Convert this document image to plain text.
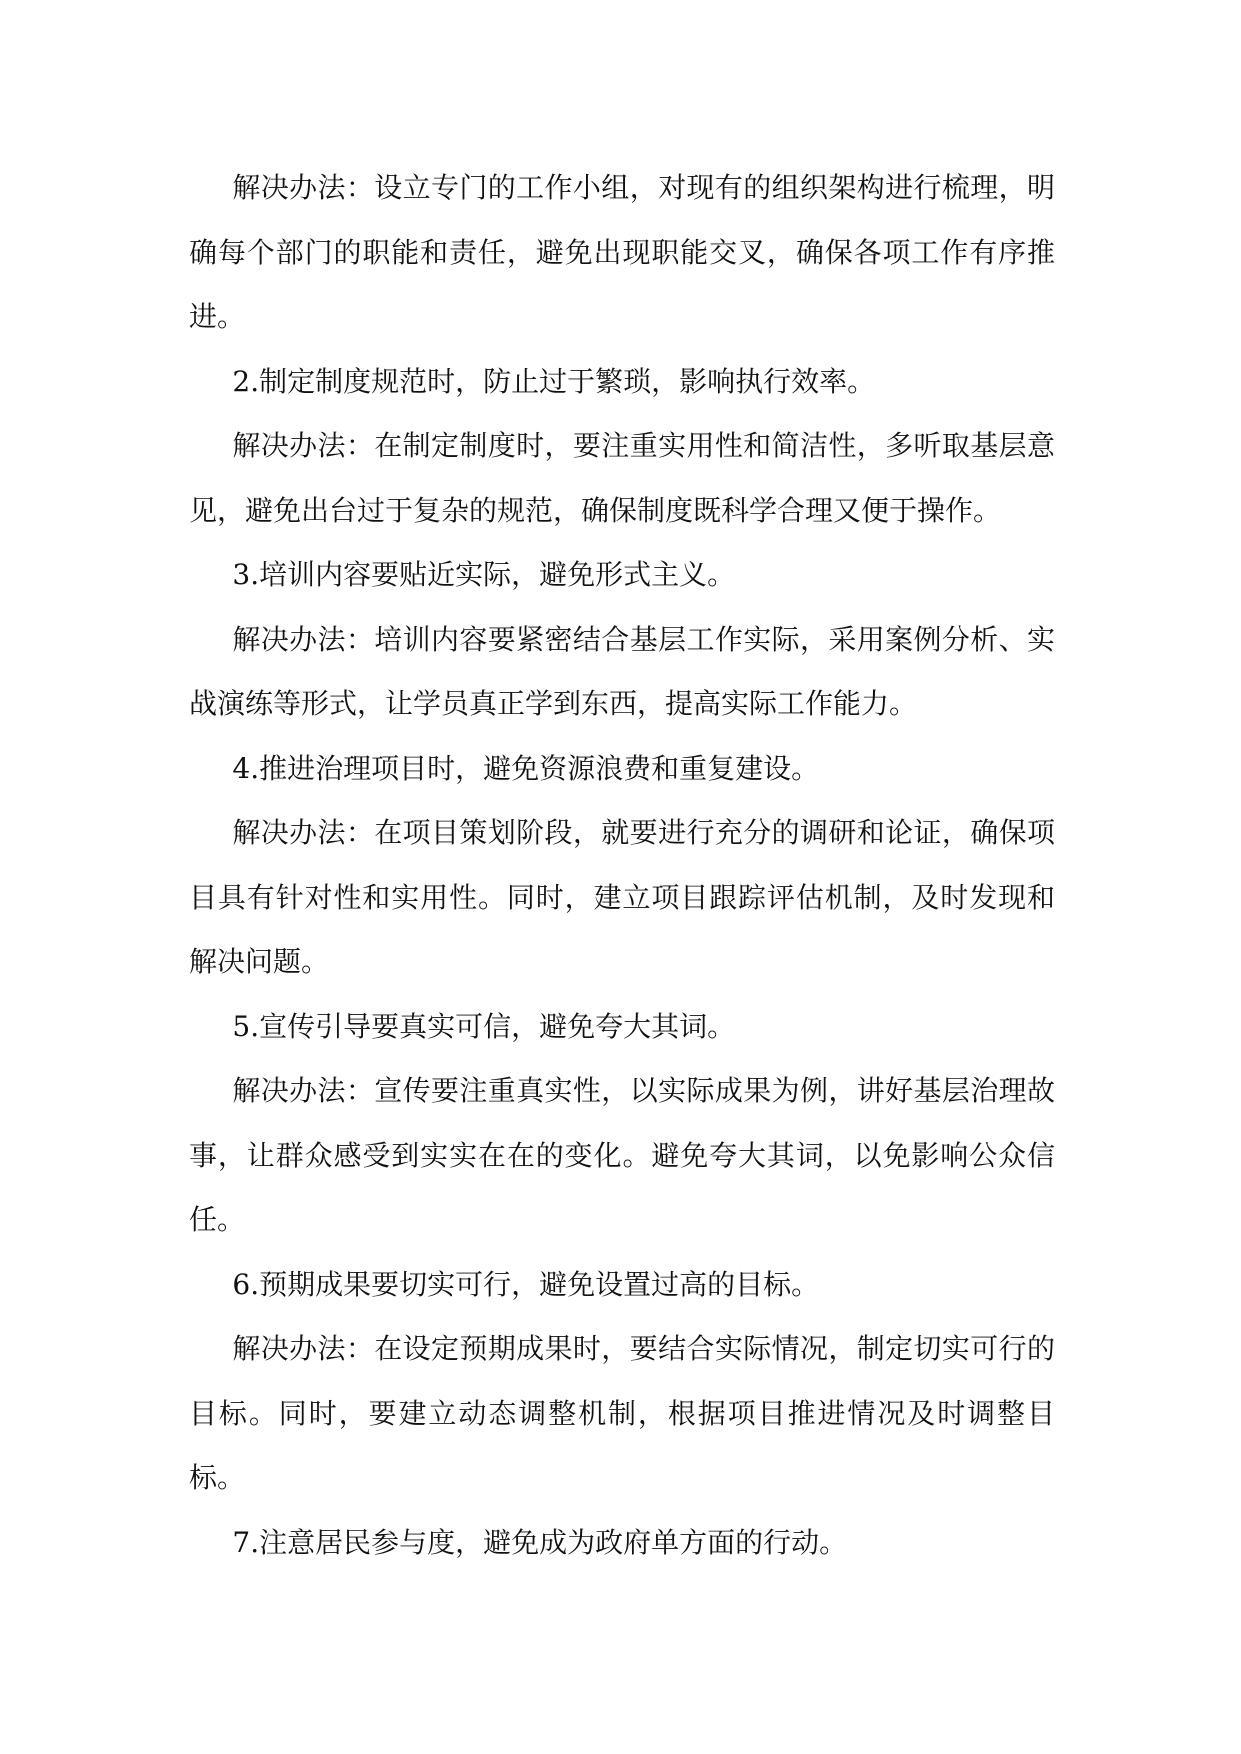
解决办法：设立专门的工作小组，对现有的组织架构进行梳理，明确每个部门的职能和责任，避免出现职能交叉，确保各项工作有序推进。

2.制定制度规范时，防止过于繁琐，影响执行效率。

解决办法：在制定制度时，要注重实用性和简洁性，多听取基层意见，避免出台过于复杂的规范，确保制度既科学合理又便于操作。

3.培训内容要贴近实际，避免形式主义。

解决办法：培训内容要紧密结合基层工作实际，采用案例分析、实战演练等形式，让学员真正学到东西，提高实际工作能力。

4.推进治理项目时，避免资源浪费和重复建设。

解决办法：在项目策划阶段，就要进行充分的调研和论证，确保项目具有针对性和实用性。同时，建立项目跟踪评估机制，及时发现和解决问题。

5.宣传引导要真实可信，避免夸大其词。

解决办法：宣传要注重真实性，以实际成果为例，讲好基层治理故事，让群众感受到实实在在的变化。避免夸大其词，以免影响公众信任。

6.预期成果要切实可行，避免设置过高的目标。

解决办法：在设定预期成果时，要结合实际情况，制定切实可行的目标。同时，要建立动态调整机制，根据项目推进情况及时调整目标。

7.注意居民参与度，避免成为政府单方面的行动。
